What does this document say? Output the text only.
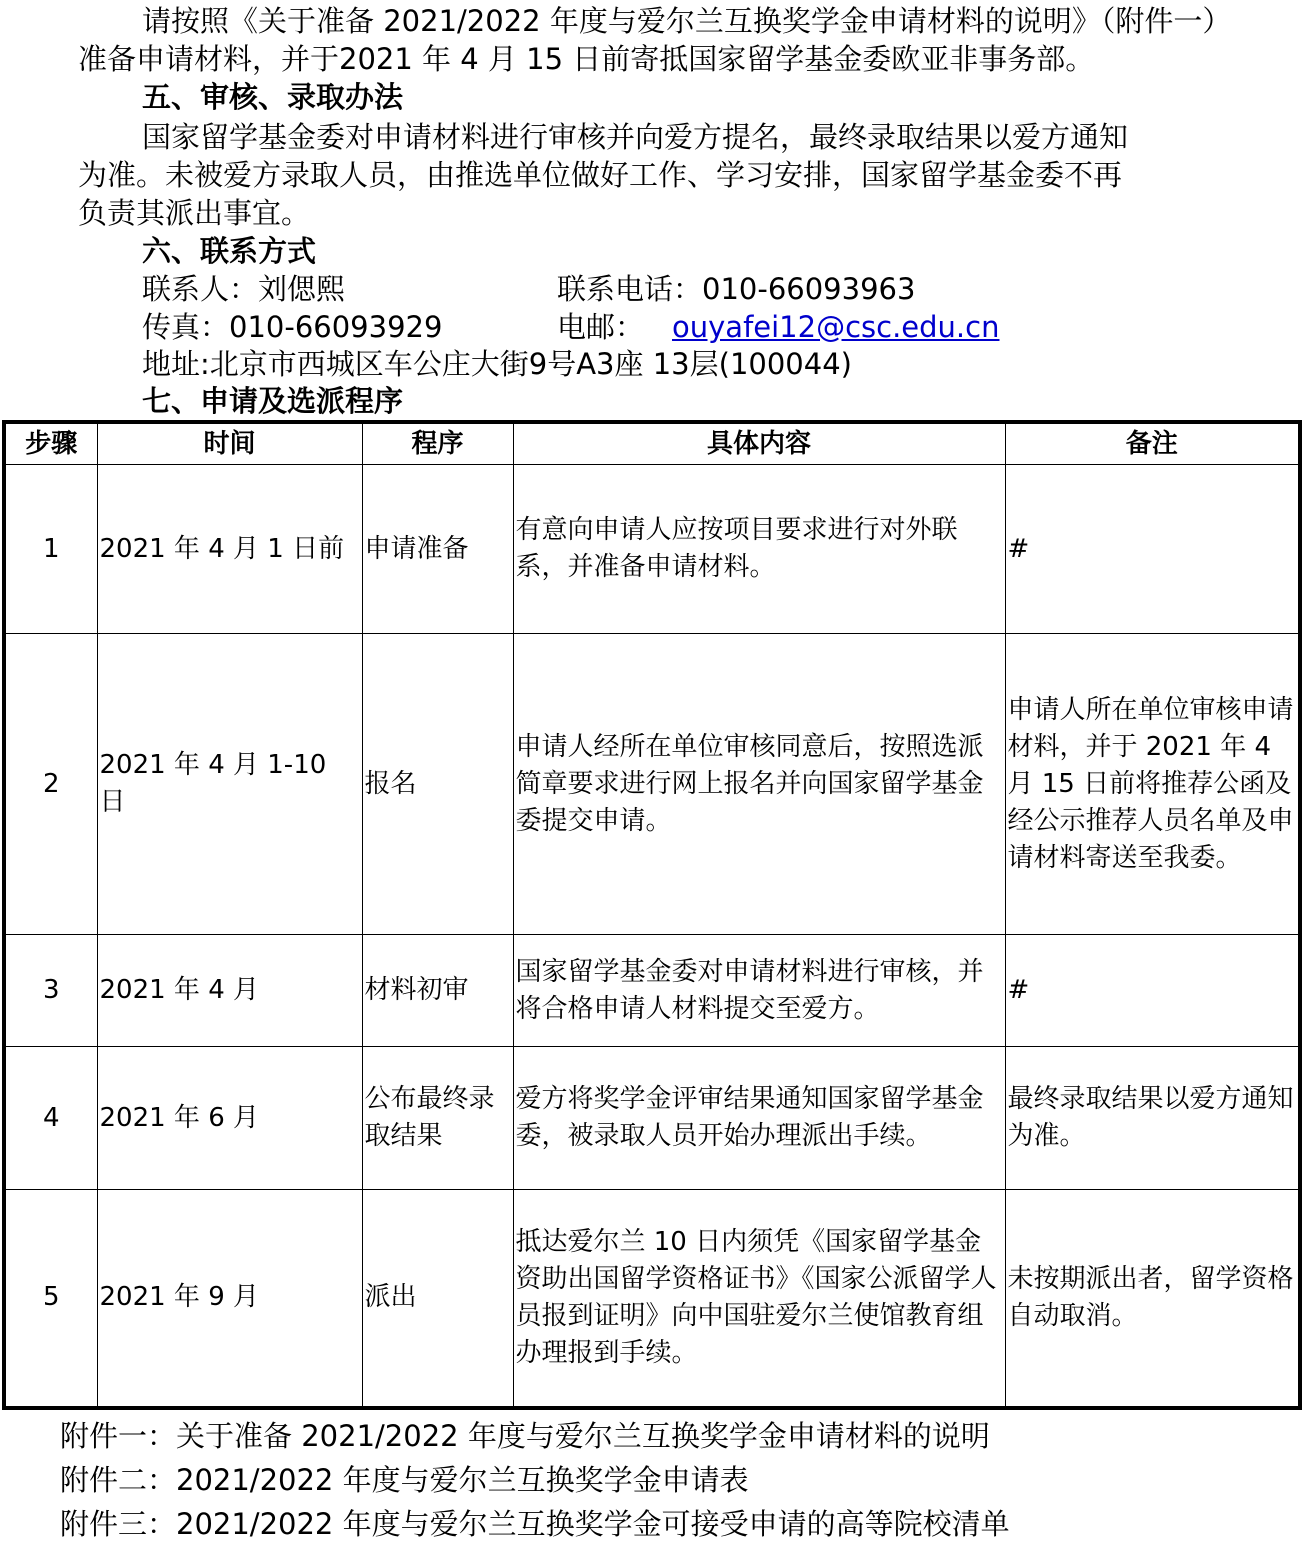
请按照《关于准备 2021/2022 年度与爱尔兰互换奖学金申请材料的说明》（附件一）
准备申请材料，并于2021 年 4 月 15 日前寄抵国家留学基金委欧亚非事务部。
五、审核、录取办法
国家留学基金委对申请材料进行审核并向爱方提名，最终录取结果以爱方通知
为准。未被爱方录取人员，由推选单位做好工作、学习安排，国家留学基金委不再
负责其派出事宜。
六、联系方式
联系人：刘偲熙	联系电话：010-66093963
传真：010-66093929	电邮： ouyafei12@csc.edu.cn
地址:北京市西城区车公庄大街9号A3座 13层(100044)
七、申请及选派程序
步骤	时间	程序	具体内容	备注
1	2021 年 4 月 1 日前	申请准备	有意向申请人应按项目要求进行对外联系，并准备申请材料。	#
2	2021 年 4 月 1-10 日	报名	申请人经所在单位审核同意后，按照选派简章要求进行网上报名并向国家留学基金委提交申请。	申请人所在单位审核申请材料，并于 2021 年 4 月 15 日前将推荐公函及经公示推荐人员名单及申请材料寄送至我委。
3	2021 年 4 月	材料初审	国家留学基金委对申请材料进行审核，并将合格申请人材料提交至爱方。	#
4	2021 年 6 月	公布最终录取结果	爱方将奖学金评审结果通知国家留学基金委，被录取人员开始办理派出手续。	最终录取结果以爱方通知为准。
5	2021 年 9 月	派出	抵达爱尔兰 10 日内须凭《国家留学基金资助出国留学资格证书》《国家公派留学人员报到证明》向中国驻爱尔兰使馆教育组办理报到手续。	未按期派出者，留学资格自动取消。
附件一：关于准备 2021/2022 年度与爱尔兰互换奖学金申请材料的说明
附件二：2021/2022 年度与爱尔兰互换奖学金申请表
附件三：2021/2022 年度与爱尔兰互换奖学金可接受申请的高等院校清单
